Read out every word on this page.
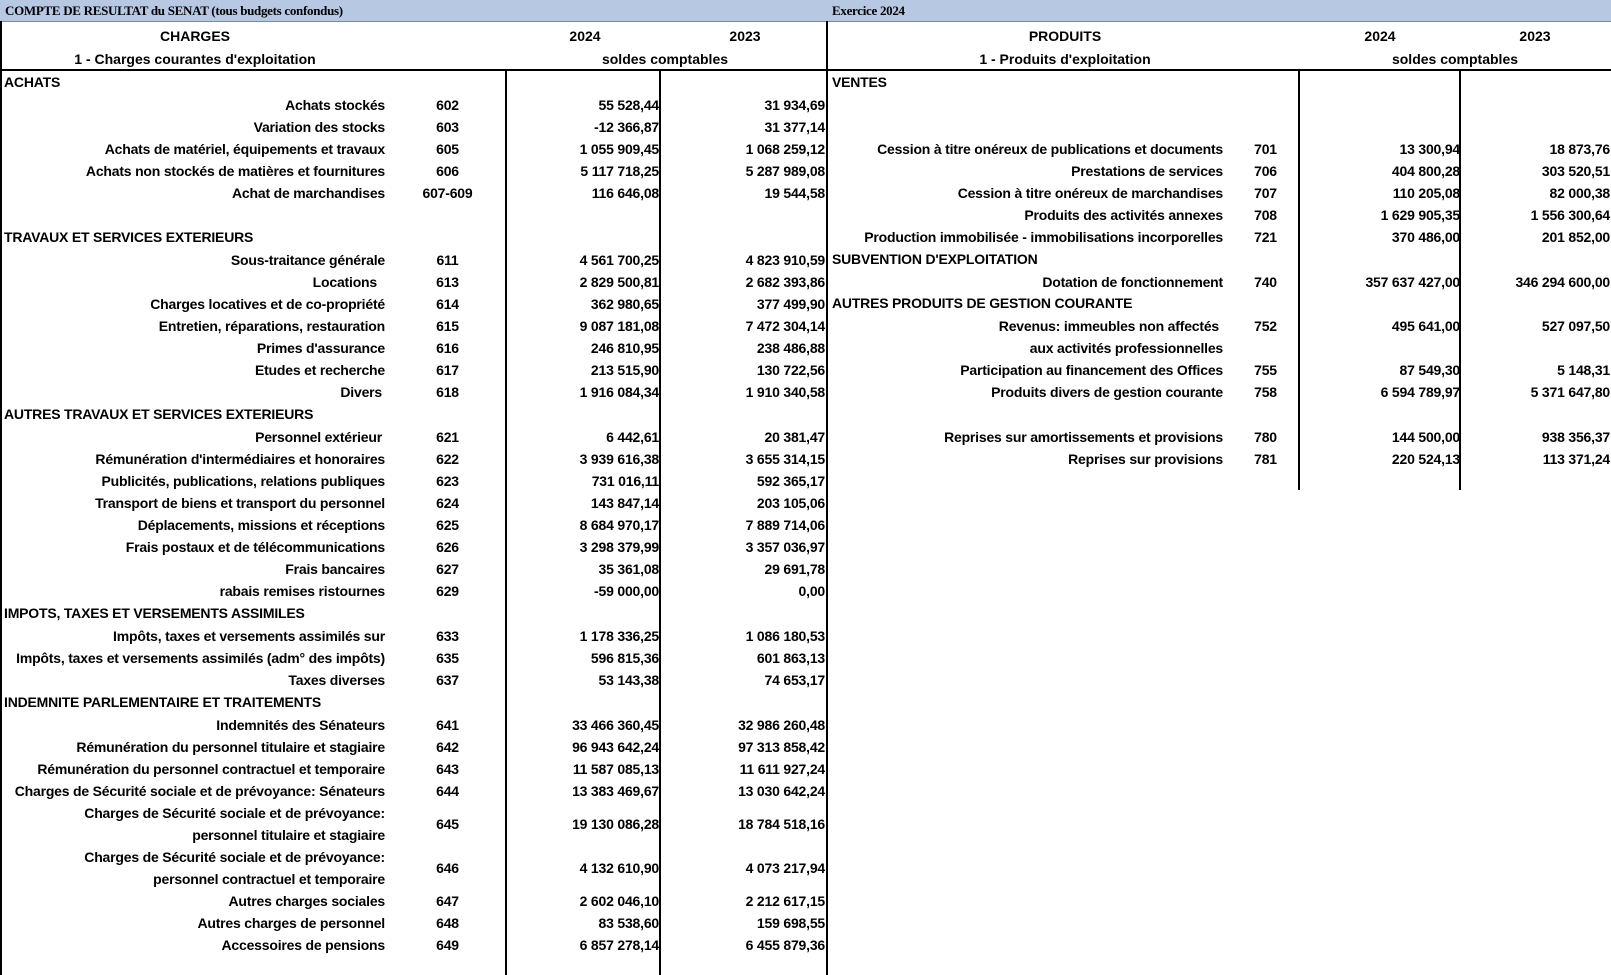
COMPTE DE RESULTAT du SENAT (tous budgets confondus)	Exercice 2024
CHARGES
1 - Charges courantes d'exploitation
2024	2023
soldes comptables
PRODUITS
1 - Produits d'exploitation
2024	2023
soldes comptables
ACHATS
Achats stockés	602	55 528,44	31 934,69
Variation des stocks	603	-12 366,87	31 377,14
Achats de matériel, équipements et travaux	605	1 055 909,45	1 068 259,12
Achats non stockés de matières et fournitures	606	5 117 718,25	5 287 989,08
Achat de marchandises	607-609	116 646,08	19 544,58
TRAVAUX ET SERVICES EXTERIEURS
Sous-traitance générale	611	4 561 700,25	4 823 910,59
Locations	613	2 829 500,81	2 682 393,86
Charges locatives et de co-propriété	614	362 980,65	377 499,90
Entretien, réparations, restauration	615	9 087 181,08	7 472 304,14
Primes d'assurance	616	246 810,95	238 486,88
Etudes et recherche	617	213 515,90	130 722,56
Divers	618	1 916 084,34	1 910 340,58
AUTRES TRAVAUX ET SERVICES EXTERIEURS
Personnel extérieur	621	6 442,61	20 381,47
Rémunération d'intermédiaires et honoraires	622	3 939 616,38	3 655 314,15
Publicités, publications, relations publiques	623	731 016,11	592 365,17
Transport de biens et transport du personnel	624	143 847,14	203 105,06
Déplacements, missions et réceptions	625	8 684 970,17	7 889 714,06
Frais postaux et de télécommunications	626	3 298 379,99	3 357 036,97
Frais bancaires	627	35 361,08	29 691,78
rabais remises ristournes	629	-59 000,00	0,00
IMPOTS, TAXES ET VERSEMENTS ASSIMILES
Impôts, taxes et versements assimilés sur	633	1 178 336,25	1 086 180,53
Impôts, taxes et versements assimilés (adm° des impôts)	635	596 815,36	601 863,13
Taxes diverses	637	53 143,38	74 653,17
INDEMNITE PARLEMENTAIRE ET TRAITEMENTS
Indemnités des Sénateurs	641	33 466 360,45	32 986 260,48
Rémunération du personnel titulaire et stagiaire	642	96 943 642,24	97 313 858,42
Rémunération du personnel contractuel et temporaire	643	11 587 085,13	11 611 927,24
Charges de Sécurité sociale et de prévoyance: Sénateurs	644	13 383 469,67	13 030 642,24
Charges de Sécurité sociale et de prévoyance:
personnel titulaire et stagiaire
645	19 130 086,28	18 784 518,16
Charges de Sécurité sociale et de prévoyance:
personnel contractuel et temporaire
646	4 132 610,90	4 073 217,94
Autres charges sociales	647	2 602 046,10	2 212 617,15
Autres charges de personnel	648	83 538,60	159 698,55
Accessoires de pensions	649	6 857 278,14	6 455 879,36
VENTES
Cession à titre onéreux de publications et documents	701	13 300,94	18 873,76
Prestations de services	706	404 800,28	303 520,51
Cession à titre onéreux de marchandises	707	110 205,08	82 000,38
Produits des activités annexes	708	1 629 905,35	1 556 300,64
Production immobilisée - immobilisations incorporelles	721	370 486,00	201 852,00
SUBVENTION D'EXPLOITATION
Dotation de fonctionnement	740	357 637 427,00	346 294 600,00
AUTRES PRODUITS DE GESTION COURANTE
Revenus: immeubles non affectés	752	495 641,00	527 097,50
aux activités professionnelles
Participation au financement des Offices	755	87 549,30	5 148,31
Produits divers de gestion courante	758	6 594 789,97	5 371 647,80
Reprises sur amortissements et provisions	780	144 500,00	938 356,37
Reprises sur provisions	781	220 524,13	113 371,24
